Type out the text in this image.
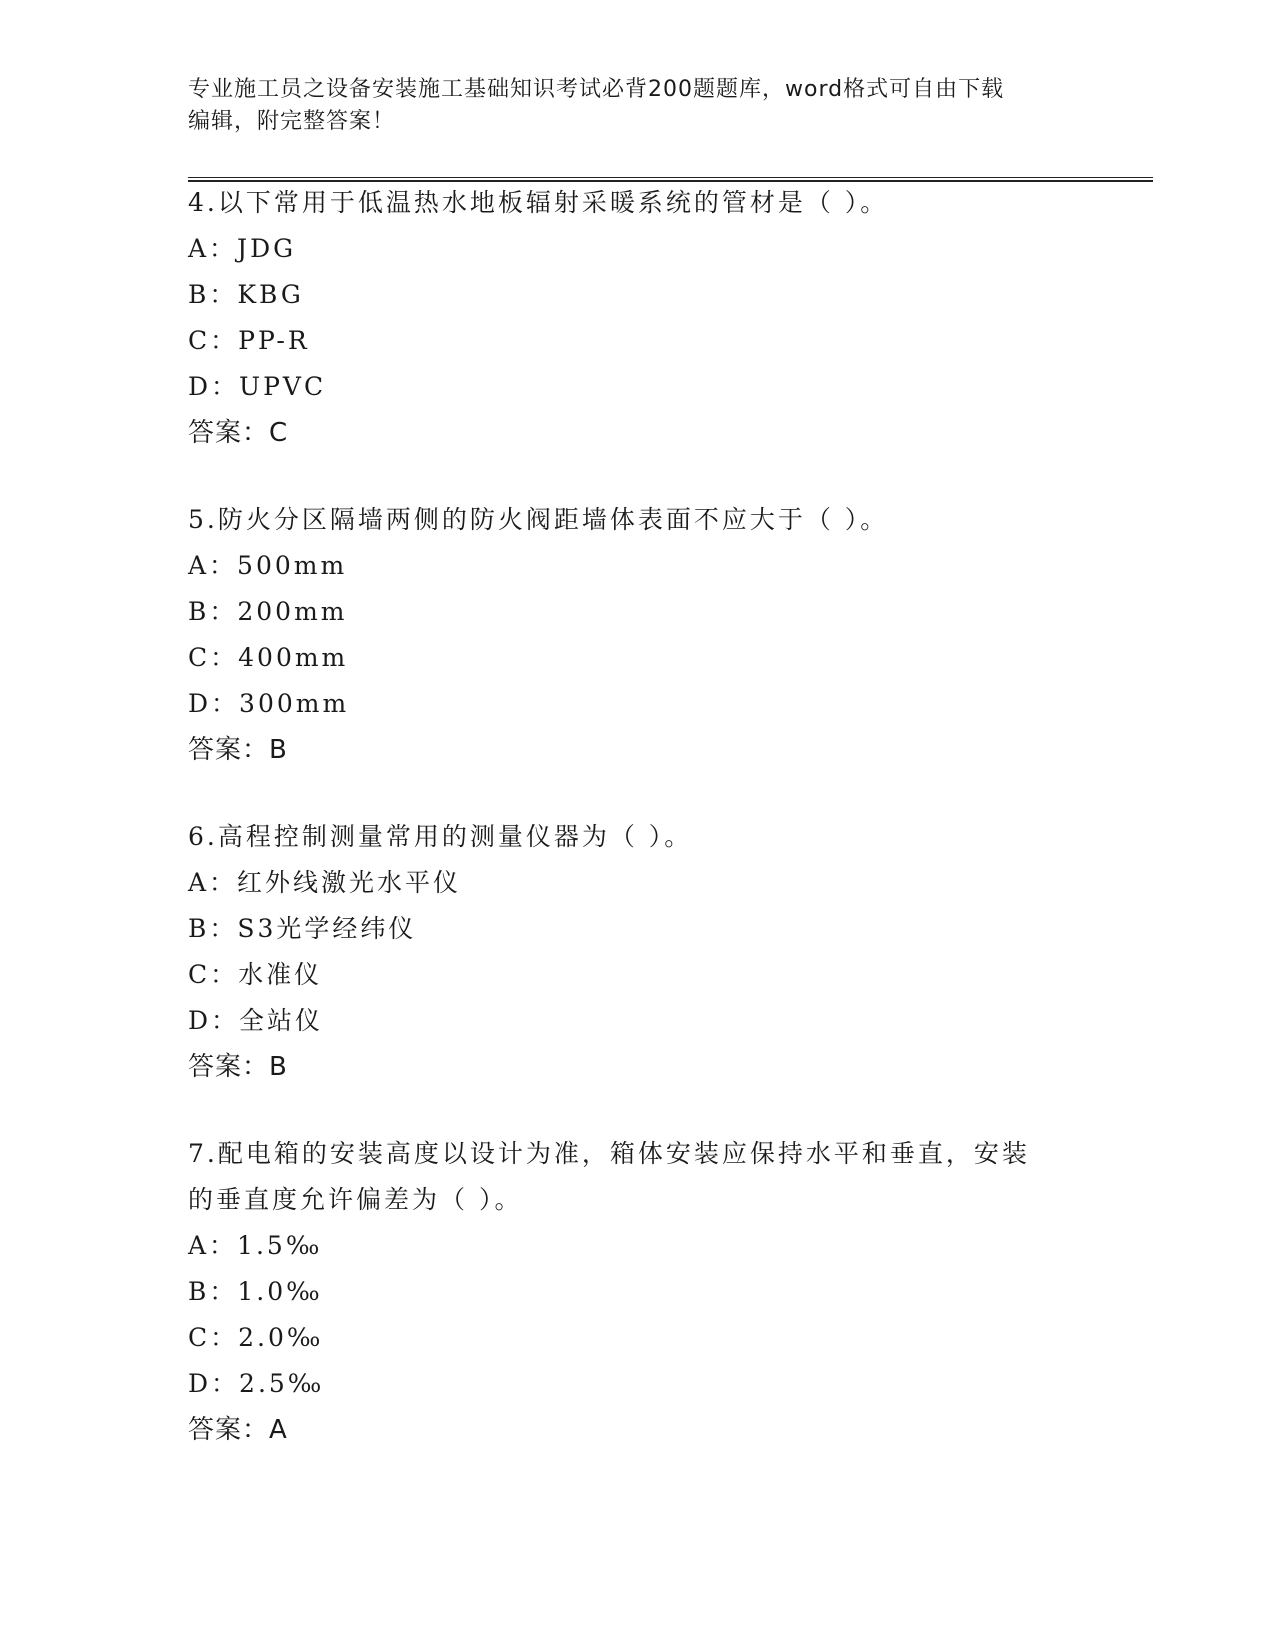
专业施工员之设备安装施工基础知识考试必背200题题库，word格式可自由下载
编辑，附完整答案！
4.以下常用于低温热水地板辐射采暖系统的管材是（ ）。
A：JDG
B：KBG
C：PP-R
D：UPVC
答案：C
5.防火分区隔墙两侧的防火阀距墙体表面不应大于（ ）。
A：500mm
B：200mm
C：400mm
D：300mm
答案：B
6.高程控制测量常用的测量仪器为（ ）。
A：红外线激光水平仪
B：S3光学经纬仪
C：水准仪
D：全站仪
答案：B
7.配电箱的安装高度以设计为准，箱体安装应保持水平和垂直，安装
的垂直度允许偏差为（ ）。
A：1.5‰
B：1.0‰
C：2.0‰
D：2.5‰
答案：A
